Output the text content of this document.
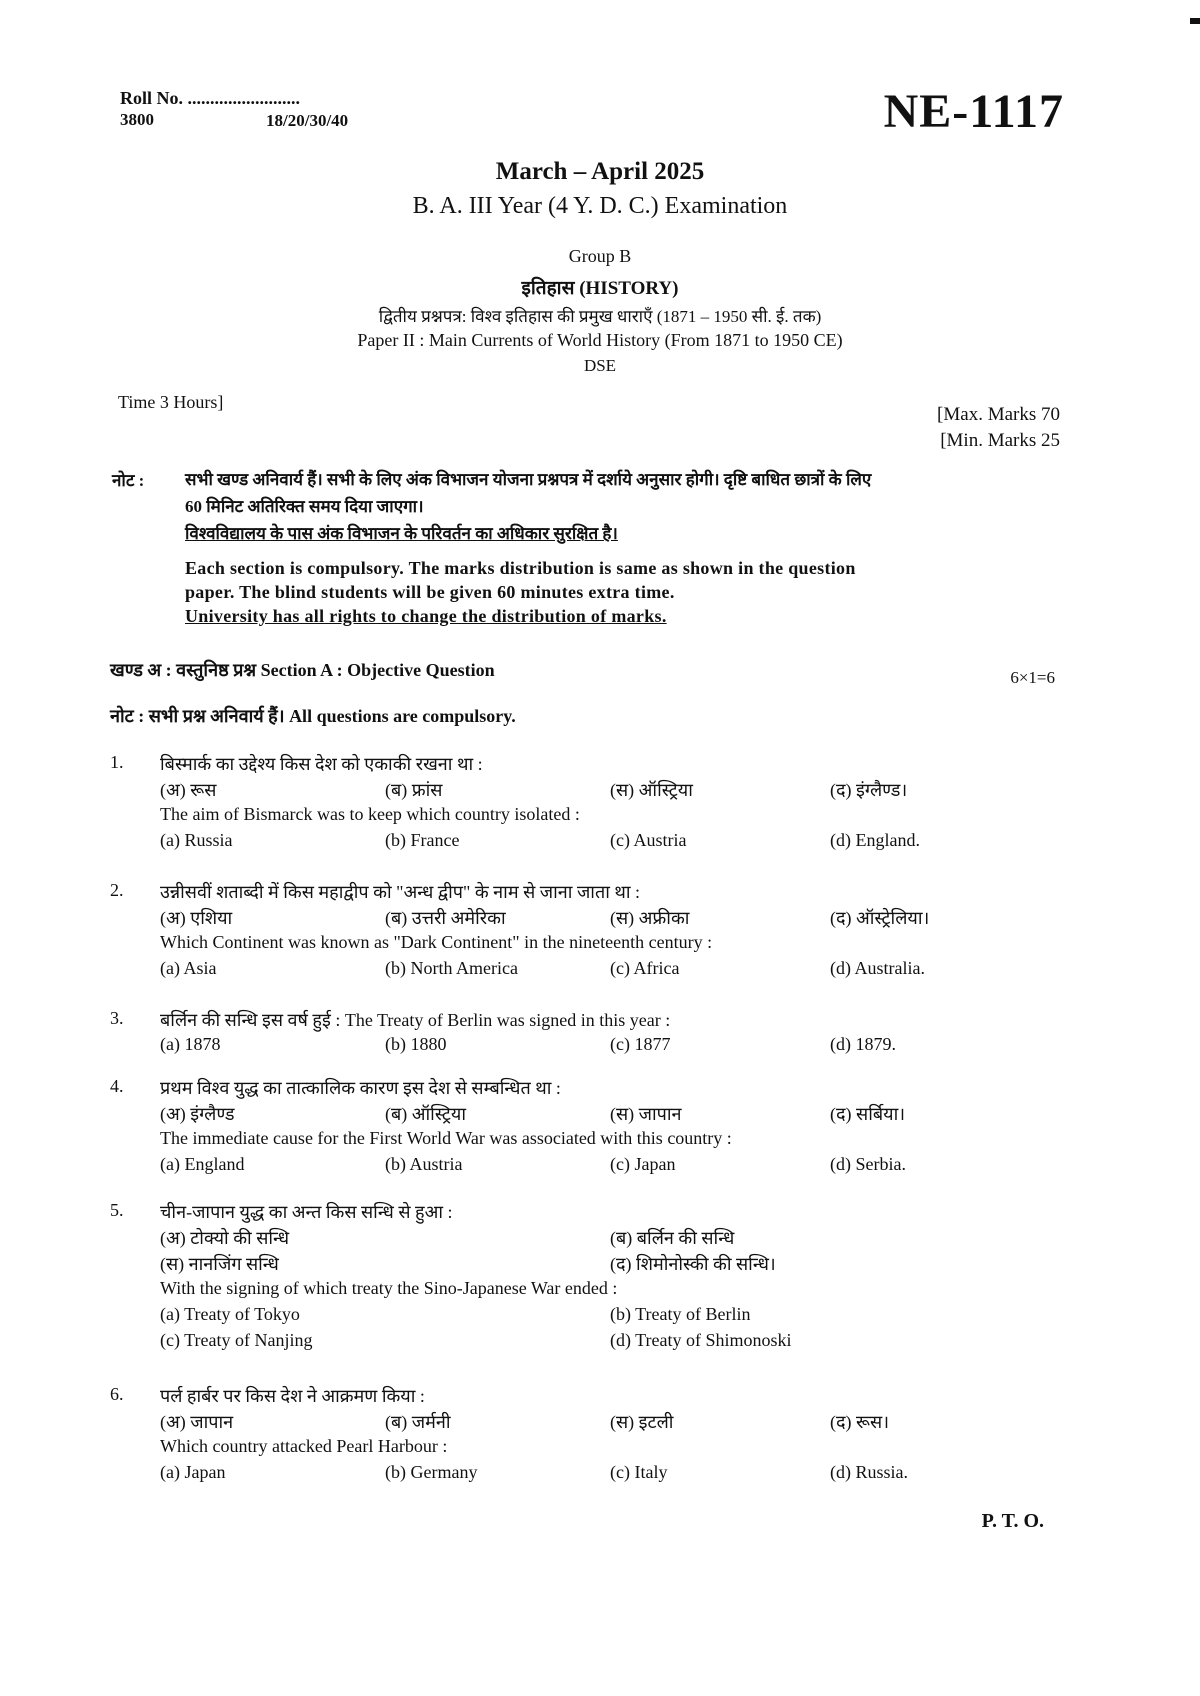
Roll No. .........................
3800	18/20/30/40	NE-1117
March – April 2025
B. A. III Year (4 Y. D. C.) Examination
Group B
इतिहास (HISTORY)
द्वितीय प्रश्नपत्र: विश्व इतिहास की प्रमुख धाराएँ (1871 – 1950 सी. ई. तक)
Paper II : Main Currents of World History (From 1871 to 1950 CE)
DSE
Time 3 Hours]
[Max. Marks 70
[Min. Marks 25
नोट : सभी खण्ड अनिवार्य हैं। सभी के लिए अंक विभाजन योजना प्रश्नपत्र में दर्शाये अनुसार होगी। दृष्टि बाधित छात्रों के लिए

60 मिनिट अतिरिक्त समय दिया जाएगा।

विश्वविद्यालय के पास अंक विभाजन के परिवर्तन का अधिकार सुरक्षित है।

Each section is compulsory. The marks distribution is same as shown in the question

paper. The blind students will be given 60 minutes extra time.

University has all rights to change the distribution of marks.

खण्ड अ : वस्तुनिष्ठ प्रश्न Section A : Objective Question	6×1=6
नोट : सभी प्रश्न अनिवार्य हैं। All questions are compulsory.
1. बिस्मार्क का उद्देश्य किस देश को एकाकी रखना था :
(अ) रूस	(ब) फ्रांस	(स) ऑस्ट्रिया	(द) इंग्लैण्ड।
The aim of Bismarck was to keep which country isolated :
(a) Russia	(b) France	(c) Austria	(d) England.
2. उन्नीसवीं शताब्दी में किस महाद्वीप को "अन्ध द्वीप" के नाम से जाना जाता था :
(अ) एशिया	(ब) उत्तरी अमेरिका	(स) अफ्रीका	(द) ऑस्ट्रेलिया।
Which Continent was known as "Dark Continent" in the nineteenth century :
(a) Asia	(b) North America	(c) Africa	(d) Australia.
3. बर्लिन की सन्धि इस वर्ष हुई : The Treaty of Berlin was signed in this year :
(a) 1878	(b) 1880	(c) 1877	(d) 1879.
4. प्रथम विश्व युद्ध का तात्कालिक कारण इस देश से सम्बन्धित था :
(अ) इंग्लैण्ड	(ब) ऑस्ट्रिया	(स) जापान	(द) सर्बिया।
The immediate cause for the First World War was associated with this country :
(a) England	(b) Austria	(c) Japan	(d) Serbia.
5. चीन-जापान युद्ध का अन्त किस सन्धि से हुआ :
(अ) टोक्यो की सन्धि	(ब) बर्लिन की सन्धि
(स) नानजिंग सन्धि	(द) शिमोनोस्की की सन्धि।
With the signing of which treaty the Sino-Japanese War ended :
(a) Treaty of Tokyo	(b) Treaty of Berlin
(c) Treaty of Nanjing	(d) Treaty of Shimonoski
6. पर्ल हार्बर पर किस देश ने आक्रमण किया :
(अ) जापान	(ब) जर्मनी	(स) इटली	(द) रूस।
Which country attacked Pearl Harbour :
(a) Japan	(b) Germany	(c) Italy	(d) Russia.
P. T. O.
